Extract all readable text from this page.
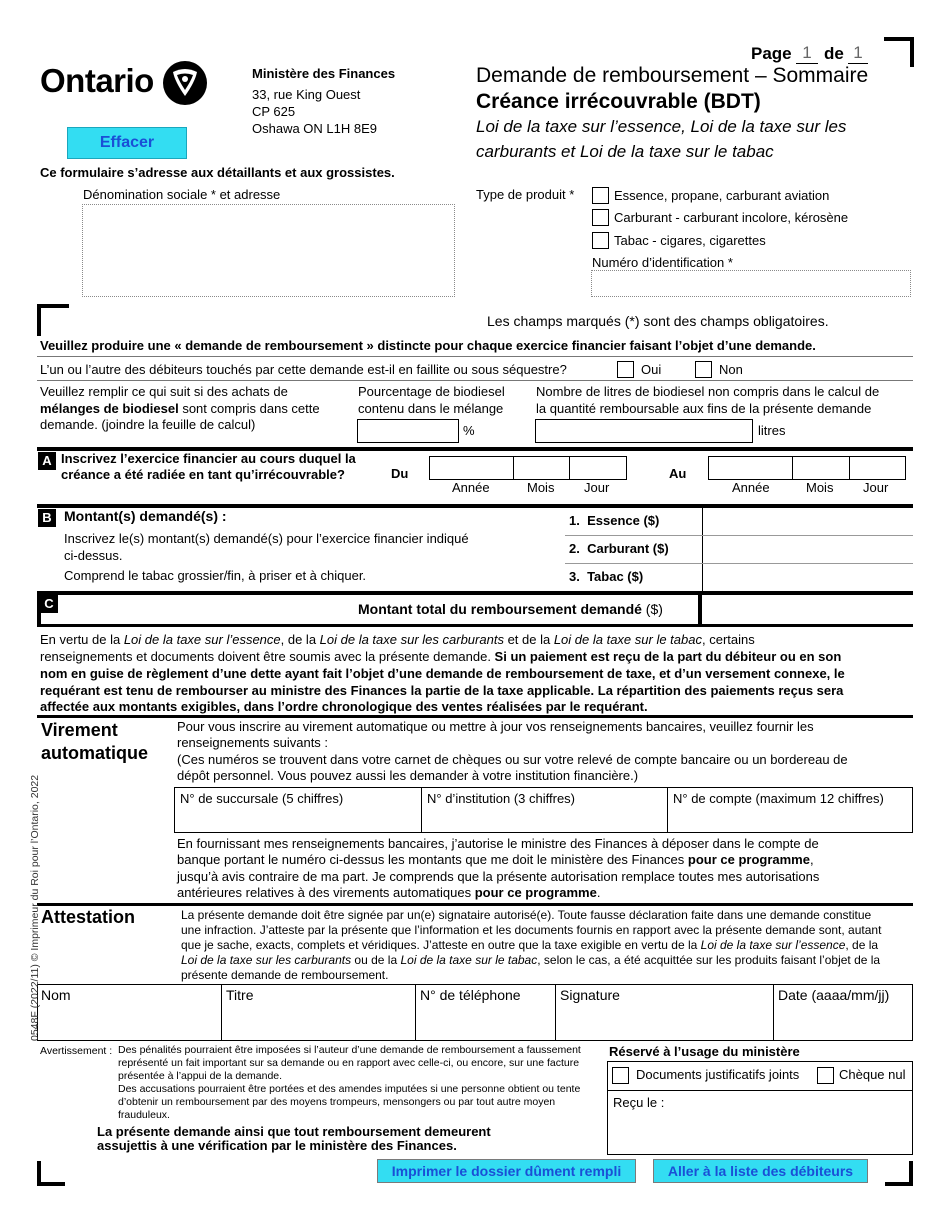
Page 1 de 1
Ontario	Ministère des Finances
33, rue King Ouest
CP 625
Oshawa ON L1H 8E9
Demande de remboursement – Sommaire
Créance irrécouvrable (BDT)
Loi de la taxe sur l’essence, Loi de la taxe sur les
carburants et Loi de la taxe sur le tabac
Effacer
Ce formulaire s’adresse aux détaillants et aux grossistes.
Dénomination sociale * et adresse	Type de produit *	Essence, propane, carburant aviation
Carburant - carburant incolore, kérosène
Tabac - cigares, cigarettes
Numéro d’identification *
Les champs marqués (*) sont des champs obligatoires.
Veuillez produire une « demande de remboursement » distincte pour chaque exercice financier faisant l’objet d’une demande.
L’un ou l’autre des débiteurs touchés par cette demande est-il en faillite ou sous séquestre?	Oui	Non
Veuillez remplir ce qui suit si des achats de
mélanges de biodiesel sont compris dans cette
demande. (joindre la feuille de calcul)
Pourcentage de biodiesel
contenu dans le mélange
%
Nombre de litres de biodiesel non compris dans le calcul de
la quantité remboursable aux fins de la présente demande
litres
A Inscrivez l’exercice financier au cours duquel la
créance a été radiée en tant qu’irrécouvrable?	Du
Année	Mois Jour
Au
Année	Mois Jour
B Montant(s) demandé(s) :
Inscrivez le(s) montant(s) demandé(s) pour l’exercice financier indiqué
ci-dessus.
Comprend le tabac grossier/fin, à priser et à chiquer.
1. Essence ($)
2. Carburant ($)
3. Tabac ($)
C	Montant total du remboursement demandé ($)
En vertu de la Loi de la taxe sur l’essence, de la Loi de la taxe sur les carburants et de la Loi de la taxe sur le tabac, certains
renseignements et documents doivent être soumis avec la présente demande. Si un paiement est reçu de la part du débiteur ou en son
nom en guise de règlement d’une dette ayant fait l’objet d’une demande de remboursement de taxe, et d’un versement connexe, le
requérant est tenu de rembourser au ministre des Finances la partie de la taxe applicable. La répartition des paiements reçus sera
affectée aux montants exigibles, dans l’ordre chronologique des ventes réalisées par le requérant.
Virement
automatique
Pour vous inscrire au virement automatique ou mettre à jour vos renseignements bancaires, veuillez fournir les
renseignements suivants :
(Ces numéros se trouvent dans votre carnet de chèques ou sur votre relevé de compte bancaire ou un bordereau de
dépôt personnel. Vous pouvez aussi les demander à votre institution financière.)
N° de succursale (5 chiffres)	N° d’institution (3 chiffres)	N° de compte (maximum 12 chiffres)
En fournissant mes renseignements bancaires, j’autorise le ministre des Finances à déposer dans le compte de
banque portant le numéro ci-dessus les montants que me doit le ministère des Finances pour ce programme,
jusqu’à avis contraire de ma part. Je comprends que la présente autorisation remplace toutes mes autorisations
antérieures relatives à des virements automatiques pour ce programme.
Attestation	La présente demande doit être signée par un(e) signataire autorisé(e). Toute fausse déclaration faite dans une demande constitue
une infraction. J’atteste par la présente que l’information et les documents fournis en rapport avec la présente demande sont, autant
que je sache, exacts, complets et véridiques. J’atteste en outre que la taxe exigible en vertu de la Loi de la taxe sur l’essence, de la
Loi de la taxe sur les carburants ou de la Loi de la taxe sur le tabac, selon le cas, a été acquittée sur les produits faisant l’objet de la
présente demande de remboursement.
Nom	Titre	N° de téléphone	Signature	Date (aaaa/mm/jj)
Avertissement : Des pénalités pourraient être imposées si l’auteur d’une demande de remboursement a faussement
représenté un fait important sur sa demande ou en rapport avec celle-ci, ou encore, sur une facture
présentée à l’appui de la demande.
Des accusations pourraient être portées et des amendes imputées si une personne obtient ou tente
d’obtenir un remboursement par des moyens trompeurs, mensongers ou par tout autre moyen
frauduleux.
La présente demande ainsi que tout remboursement demeurent
assujettis à une vérification par le ministère des Finances.
Réservé à l’usage du ministère
Documents justificatifs joints	Chèque nul
Reçu le :
0548F (2022/11) © Imprimeur du Roi pour l’Ontario, 2022
Imprimer le dossier dûment rempli	Aller à la liste des débiteurs
